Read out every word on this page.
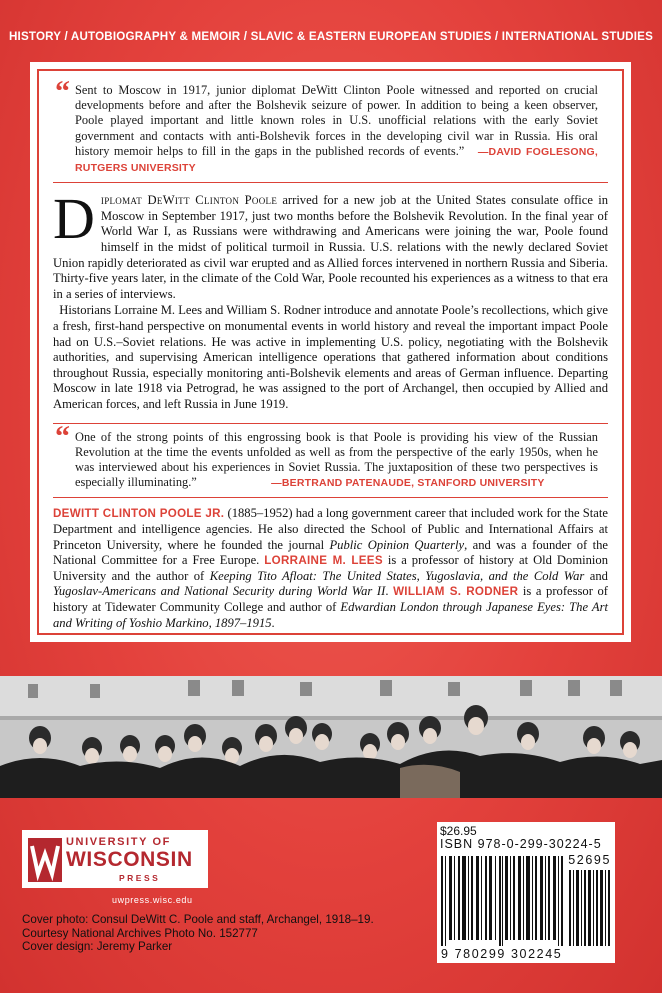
HISTORY / AUTOBIOGRAPHY & MEMOIR / SLAVIC & EASTERN EUROPEAN STUDIES / INTERNATIONAL STUDIES
“ Sent to Moscow in 1917, junior diplomat DeWitt Clinton Poole witnessed and reported on crucial developments before and after the Bolshevik seizure of power. In addition to being a keen observer, Poole played important and little known roles in U.S. unofficial relations with the early Soviet government and contacts with anti-Bolshevik forces in the developing civil war in Russia. His oral history memoir helps to fill in the gaps in the published records of events.” —DAVID FOGLESONG, RUTGERS UNIVERSITY
D iplomat DeWitt Clinton Poole arrived for a new job at the United States consulate office in Moscow in September 1917, just two months before the Bolshevik Revolution. In the final year of World War I, as Russians were withdrawing and Americans were joining the war, Poole found himself in the midst of political turmoil in Russia. U.S. relations with the newly declared Soviet Union rapidly deteriorated as civil war erupted and as Allied forces intervened in northern Russia and Siberia. Thirty-five years later, in the climate of the Cold War, Poole recounted his experiences as a witness to that era in a series of interviews.
Historians Lorraine M. Lees and William S. Rodner introduce and annotate Poole’s recollections, which give a fresh, first-hand perspective on monumental events in world history and reveal the important impact Poole had on U.S.–Soviet relations. He was active in implementing U.S. policy, negotiating with the Bolshevik authorities, and supervising American intelligence operations that gathered information about conditions throughout Russia, especially monitoring anti-Bolshevik elements and areas of German influence. Departing Moscow in late 1918 via Petrograd, he was assigned to the port of Archangel, then occupied by Allied and American forces, and left Russia in June 1919.
“ One of the strong points of this engrossing book is that Poole is providing his view of the Russian Revolution at the time the events unfolded as well as from the perspective of the early 1950s, when he was interviewed about his experiences in Soviet Russia. The juxtaposition of these two perspectives is especially illuminating.”	—BERTRAND PATENAUDE, STANFORD UNIVERSITY
DEWITT CLINTON POOLE JR. (1885–1952) had a long government career that included work for the State Department and intelligence agencies. He also directed the School of Public and International Affairs at Princeton University, where he founded the journal Public Opinion Quarterly, and was a founder of the National Committee for a Free Europe. LORRAINE M. LEES is a professor of history at Old Dominion University and the author of Keeping Tito Afloat: The United States, Yugoslavia, and the Cold War and Yugoslav-Americans and National Security during World War II. WILLIAM S. RODNER is a professor of history at Tidewater Community College and author of Edwardian London through Japanese Eyes: The Art and Writing of Yoshio Markino, 1897–1915.
UNIVERSITY OF
WISCONSIN
PRESS
uwpress.wisc.edu
Cover photo: Consul DeWitt C. Poole and staff, Archangel, 1918–19.
Courtesy National Archives Photo No. 152777
Cover design: Jeremy Parker
$26.95
ISBN 978-0-299-30224-5
52695
9 780299 302245
